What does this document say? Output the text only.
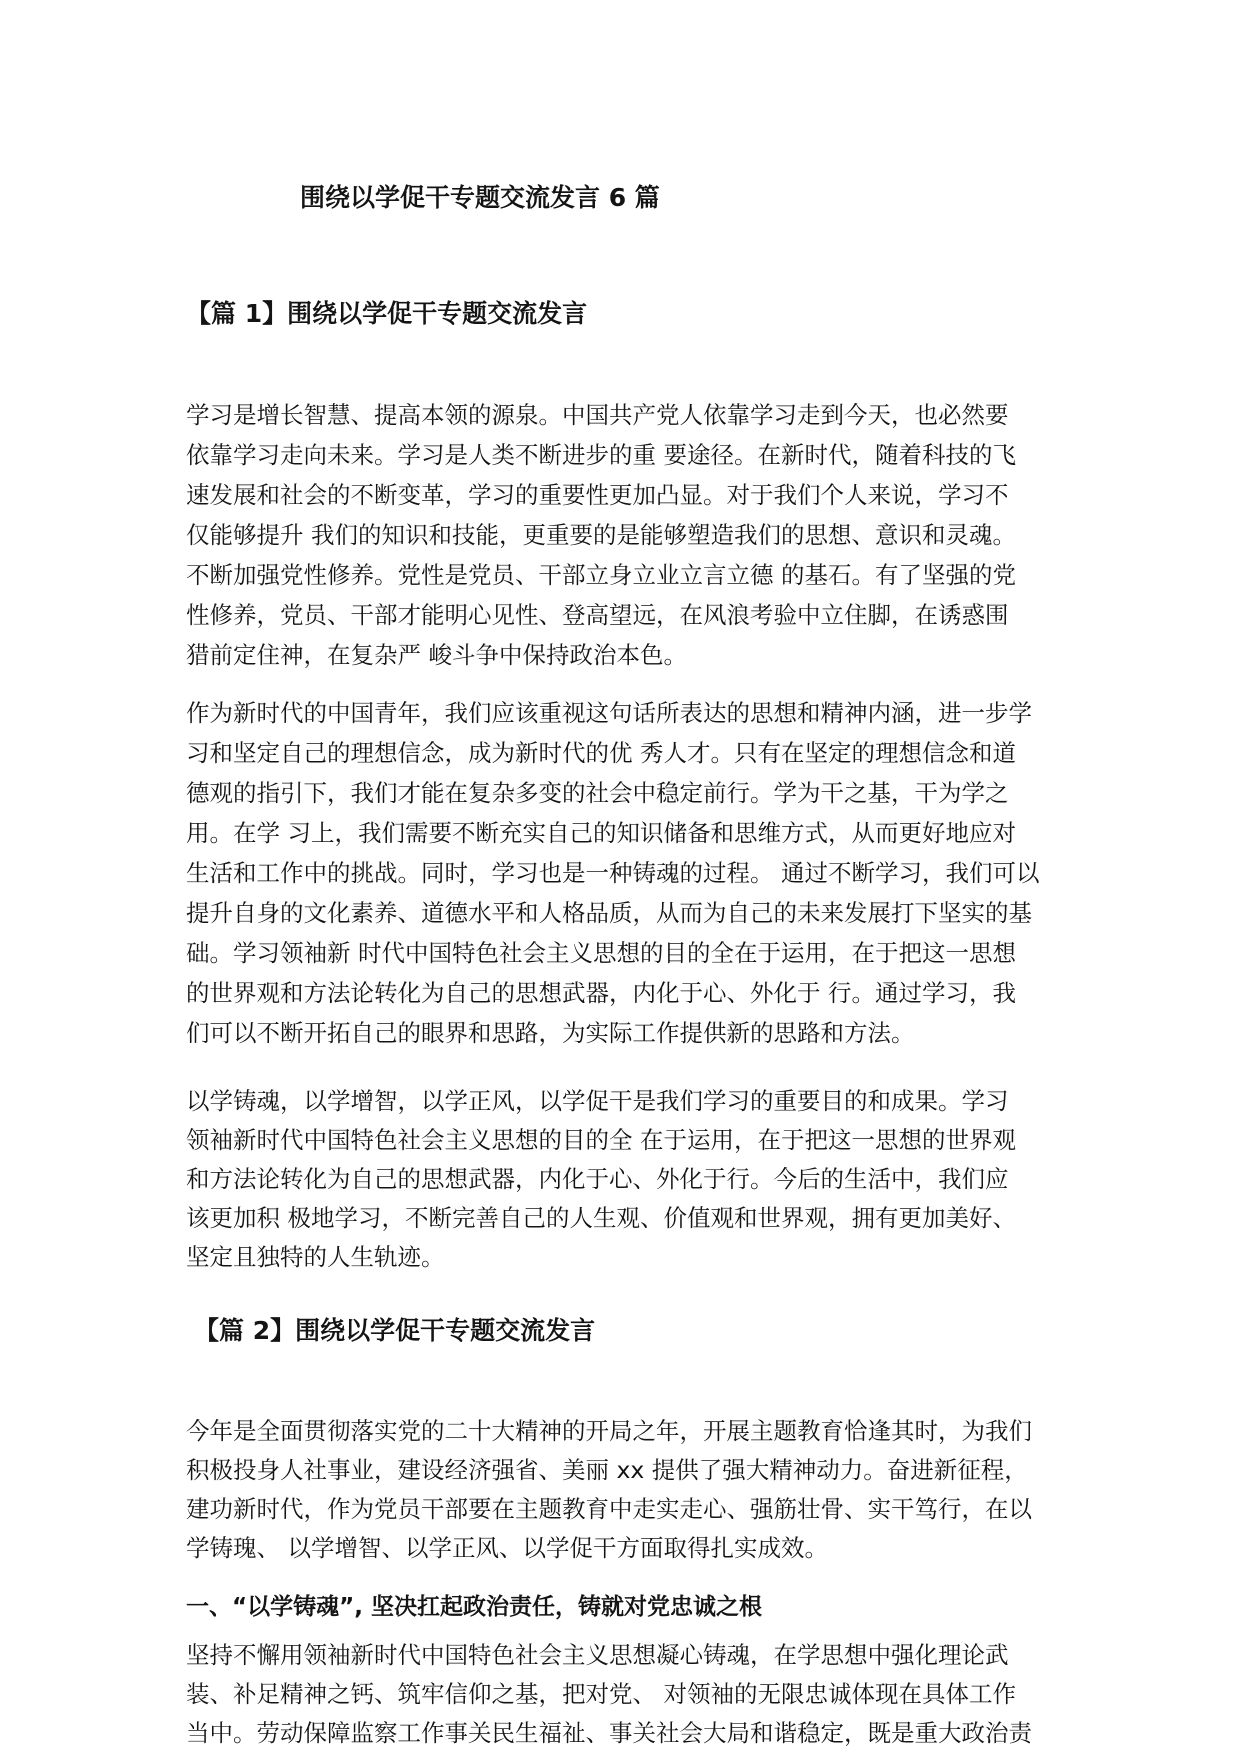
围绕以学促干专题交流发言 6 篇
【篇 1】围绕以学促干专题交流发言
学习是增长智慧、提高本领的源泉。中国共产党人依靠学习走到今天，也必然要
依靠学习走向未来。学习是人类不断进步的重 要途径。在新时代，随着科技的飞
速发展和社会的不断变革，学习的重要性更加凸显。对于我们个人来说，学习不
仅能够提升 我们的知识和技能，更重要的是能够塑造我们的思想、意识和灵魂。
不断加强党性修养。党性是党员、干部立身立业立言立德 的基石。有了坚强的党
性修养，党员、干部才能明心见性、登高望远，在风浪考验中立住脚，在诱惑围
猎前定住神，在复杂严 峻斗争中保持政治本色。
作为新时代的中国青年，我们应该重视这句话所表达的思想和精神内涵，进一步学
习和坚定自己的理想信念，成为新时代的优 秀人才。只有在坚定的理想信念和道
德观的指引下，我们才能在复杂多变的社会中稳定前行。学为干之基，干为学之
用。在学 习上，我们需要不断充实自己的知识储备和思维方式，从而更好地应对
生活和工作中的挑战。同时，学习也是一种铸魂的过程。 通过不断学习，我们可以
提升自身的文化素养、道德水平和人格品质，从而为自己的未来发展打下坚实的基
础。学习领袖新 时代中国特色社会主义思想的目的全在于运用，在于把这一思想
的世界观和方法论转化为自己的思想武器，内化于心、外化于 行。通过学习，我
们可以不断开拓自己的眼界和思路，为实际工作提供新的思路和方法。
以学铸魂，以学增智，以学正风，以学促干是我们学习的重要目的和成果。学习
领袖新时代中国特色社会主义思想的目的全 在于运用，在于把这一思想的世界观
和方法论转化为自己的思想武器，内化于心、外化于行。今后的生活中，我们应
该更加积 极地学习，不断完善自己的人生观、价值观和世界观，拥有更加美好、
坚定且独特的人生轨迹。
【篇 2】围绕以学促干专题交流发言
今年是全面贯彻落实党的二十大精神的开局之年，开展主题教育恰逢其时，为我们
积极投身人社事业，建设经济强省、美丽 xx 提供了强大精神动力。奋进新征程，
建功新时代，作为党员干部要在主题教育中走实走心、强筋壮骨、实干笃行，在以
学铸瑰、 以学增智、以学正风、以学促干方面取得扎实成效。
一、“以学铸魂”, 坚决扛起政治责任，铸就对党忠诚之根
坚持不懈用领袖新时代中国特色社会主义思想凝心铸魂，在学思想中强化理论武
装、补足精神之钙、筑牢信仰之基，把对党、 对领袖的无限忠诚体现在具体工作
当中。劳动保障监察工作事关民生福祉、事关社会大局和谐稳定，既是重大政治责
